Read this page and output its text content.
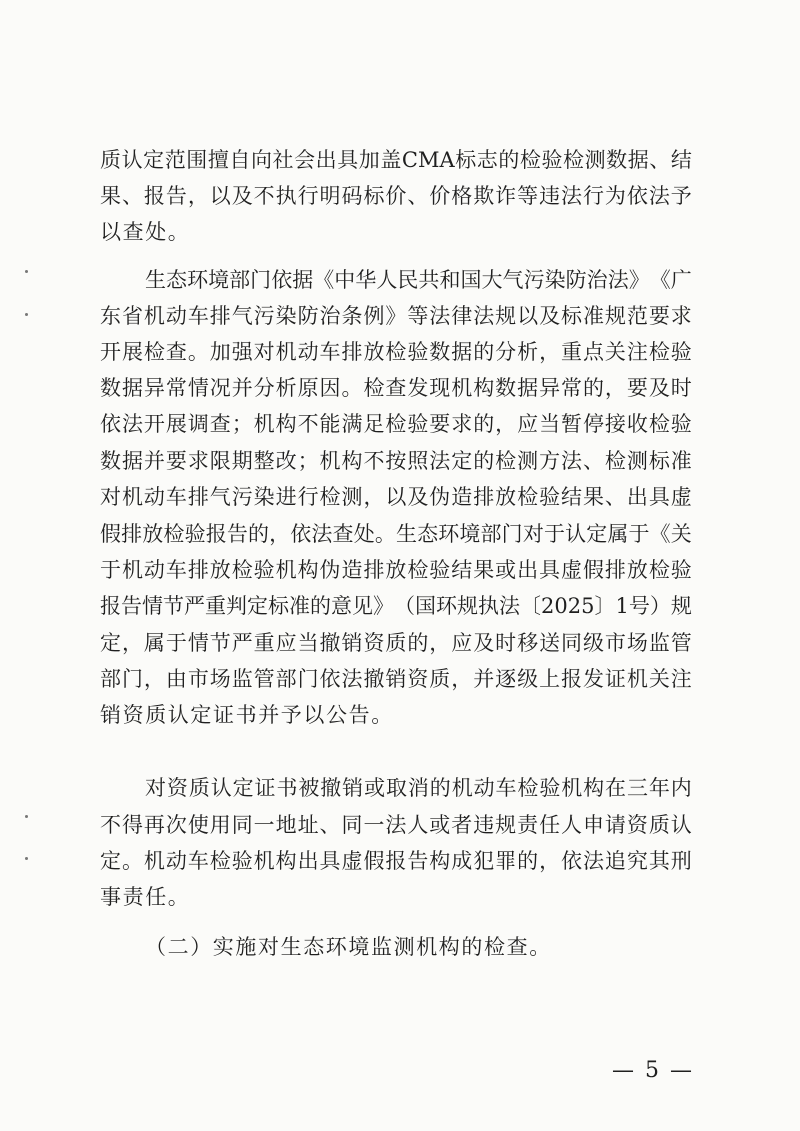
质 认 定 范 围 擅 自 向 社 会 出 具 加 盖 CMA 标 志 的 检 验 检 测 数 据 、 结
果 、 报 告 ， 以 及 不 执 行 明 码 标 价 、 价 格 欺 诈 等 违 法 行 为 依 法 予
以查处。
生 态 环 境 部 门 依 据 《 中 华 人 民 共 和 国 大 气 污 染 防 治 法 》 《 广
东 省 机 动 车 排 气 污 染 防 治 条 例 》 等 法 律 法 规 以 及 标 准 规 范 要 求
开 展 检 查 。 加 强 对 机 动 车 排 放 检 验 数 据 的 分 析 ， 重 点 关 注 检 验
数 据 异 常 情 况 并 分 析 原 因 。 检 查 发 现 机 构 数 据 异 常 的 ， 要 及 时
依 法 开 展 调 查 ； 机 构 不 能 满 足 检 验 要 求 的 ， 应 当 暂 停 接 收 检 验
数 据 并 要 求 限 期 整 改 ； 机 构 不 按 照 法 定 的 检 测 方 法 、 检 测 标 准
对 机 动 车 排 气 污 染 进 行 检 测 ， 以 及 伪 造 排 放 检 验 结 果 、 出 具 虚
假 排 放 检 验 报 告 的 ， 依 法 查 处 。 生 态 环 境 部 门 对 于 认 定 属 于 《 关
于 机 动 车 排 放 检 验 机 构 伪 造 排 放 检 验 结 果 或 出 具 虚 假 排 放 检 验
报 告 情 节 严 重 判 定 标 准 的 意 见 》 （ 国 环 规 执 法 〔 2025 〕 1 号 ） 规
定 ， 属 于 情 节 严 重 应 当 撤 销 资 质 的 ， 应 及 时 移 送 同 级 市 场 监 管
部 门 ， 由 市 场 监 管 部 门 依 法 撤 销 资 质 ， 并 逐 级 上 报 发 证 机 关 注
销资质认定证书并予以公告。
对 资 质 认 定 证 书 被 撤 销 或 取 消 的 机 动 车 检 验 机 构 在 三 年 内
不 得 再 次 使 用 同 一 地 址 、 同 一 法 人 或 者 违 规 责 任 人 申 请 资 质 认
定 。 机 动 车 检 验 机 构 出 具 虚 假 报 告 构 成 犯 罪 的 ， 依 法 追 究 其 刑
事责任。
（二）实施对生态环境监测机构的检查。
— 5 —
